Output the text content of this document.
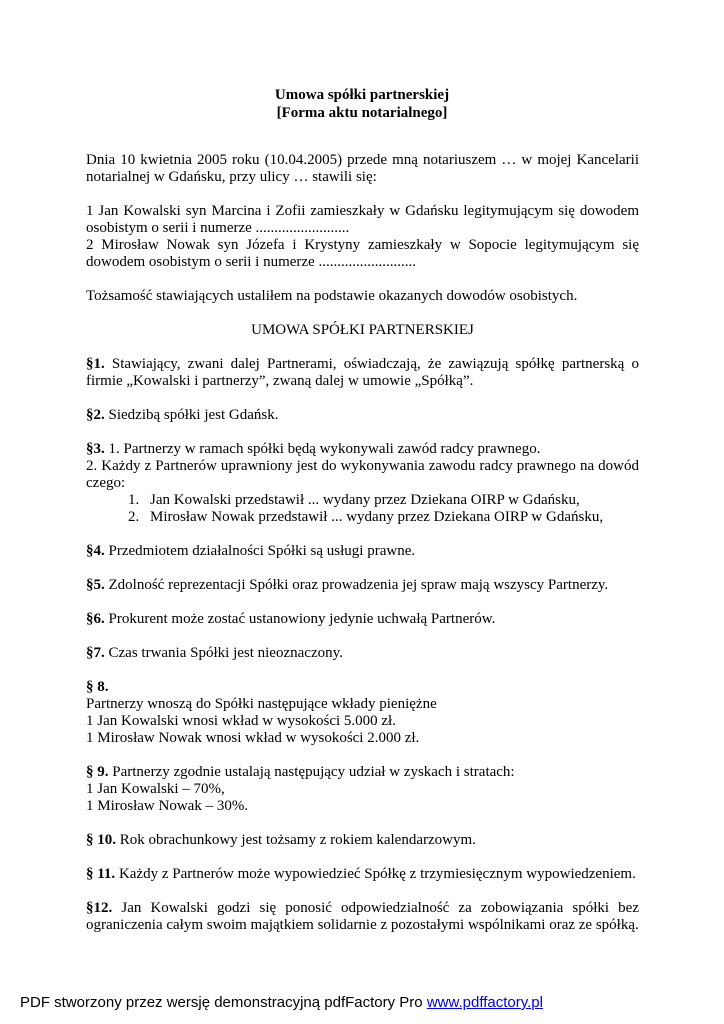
Umowa spółki partnerskiej
[Forma aktu notarialnego]

Dnia 10 kwietnia 2005 roku (10.04.2005) przede mną notariuszem … w mojej Kancelarii notarialnej w Gdańsku, przy ulicy … stawili się:

1 Jan Kowalski syn Marcina i Zofii zamieszkały w Gdańsku legitymującym się dowodem osobistym o serii i numerze .........................

2 Mirosław Nowak syn Józefa i Krystyny zamieszkały w Sopocie legitymującym się dowodem osobistym o serii i numerze ..........................

Tożsamość stawiających ustaliłem na podstawie okazanych dowodów osobistych.

UMOWA SPÓŁKI PARTNERSKIEJ

§1. Stawiający, zwani dalej Partnerami, oświadczają, że zawiązują spółkę partnerską o firmie „Kowalski i partnerzy”, zwaną dalej w umowie „Spółką”.

§2. Siedzibą spółki jest Gdańsk.

§3. 1. Partnerzy w ramach spółki będą wykonywali zawód radcy prawnego.

2. Każdy z Partnerów uprawniony jest do wykonywania zawodu radcy prawnego na dowód czego:

1. Jan Kowalski przedstawił ... wydany przez Dziekana OIRP w Gdańsku,
2. Mirosław Nowak przedstawił ... wydany przez Dziekana OIRP w Gdańsku,

§4. Przedmiotem działalności Spółki są usługi prawne.

§5. Zdolność reprezentacji Spółki oraz prowadzenia jej spraw mają wszyscy Partnerzy.

§6. Prokurent może zostać ustanowiony jedynie uchwałą Partnerów.

§7. Czas trwania Spółki jest nieoznaczony.

§ 8.

Partnerzy wnoszą do Spółki następujące wkłady pieniężne

1 Jan Kowalski wnosi wkład w wysokości 5.000 zł.

1 Mirosław Nowak wnosi wkład w wysokości 2.000 zł.

§ 9. Partnerzy zgodnie ustalają następujący udział w zyskach i stratach:

1 Jan Kowalski – 70%,

1 Mirosław Nowak – 30%.

§ 10. Rok obrachunkowy jest tożsamy z rokiem kalendarzowym.

§ 11. Każdy z Partnerów może wypowiedzieć Spółkę z trzymiesięcznym wypowiedzeniem.

§12. Jan Kowalski godzi się ponosić odpowiedzialność za zobowiązania spółki bez ograniczenia całym swoim majątkiem solidarnie z pozostałymi wspólnikami oraz ze spółką.

PDF stworzony przez wersję demonstracyjną pdfFactory Pro www.pdffactory.pl
